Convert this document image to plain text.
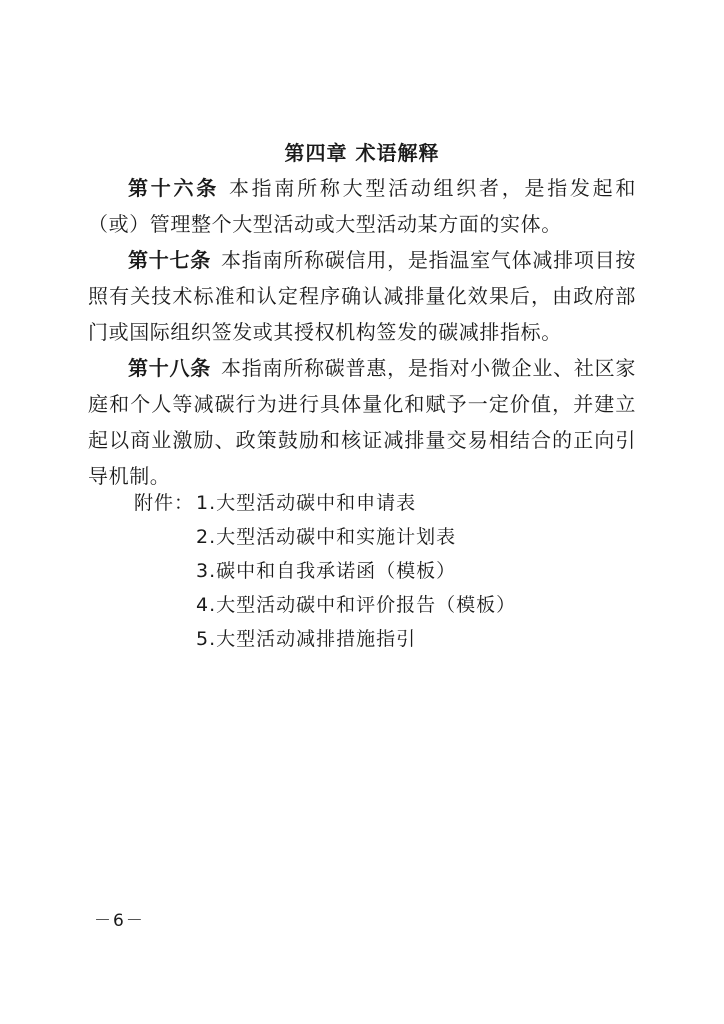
第四章 术语解释

第十六条 本指南所称大型活动组织者，是指发起和（或）管理整个大型活动或大型活动某方面的实体。

第十七条 本指南所称碳信用，是指温室气体减排项目按照有关技术标准和认定程序确认减排量化效果后，由政府部门或国际组织签发或其授权机构签发的碳减排指标。

第十八条 本指南所称碳普惠，是指对小微企业、社区家庭和个人等减碳行为进行具体量化和赋予一定价值，并建立起以商业激励、政策鼓励和核证减排量交易相结合的正向引导机制。

附件： 1.大型活动碳中和申请表
2.大型活动碳中和实施计划表
3.碳中和自我承诺函（模板）
4.大型活动碳中和评价报告（模板）
5.大型活动减排措施指引
－6－
